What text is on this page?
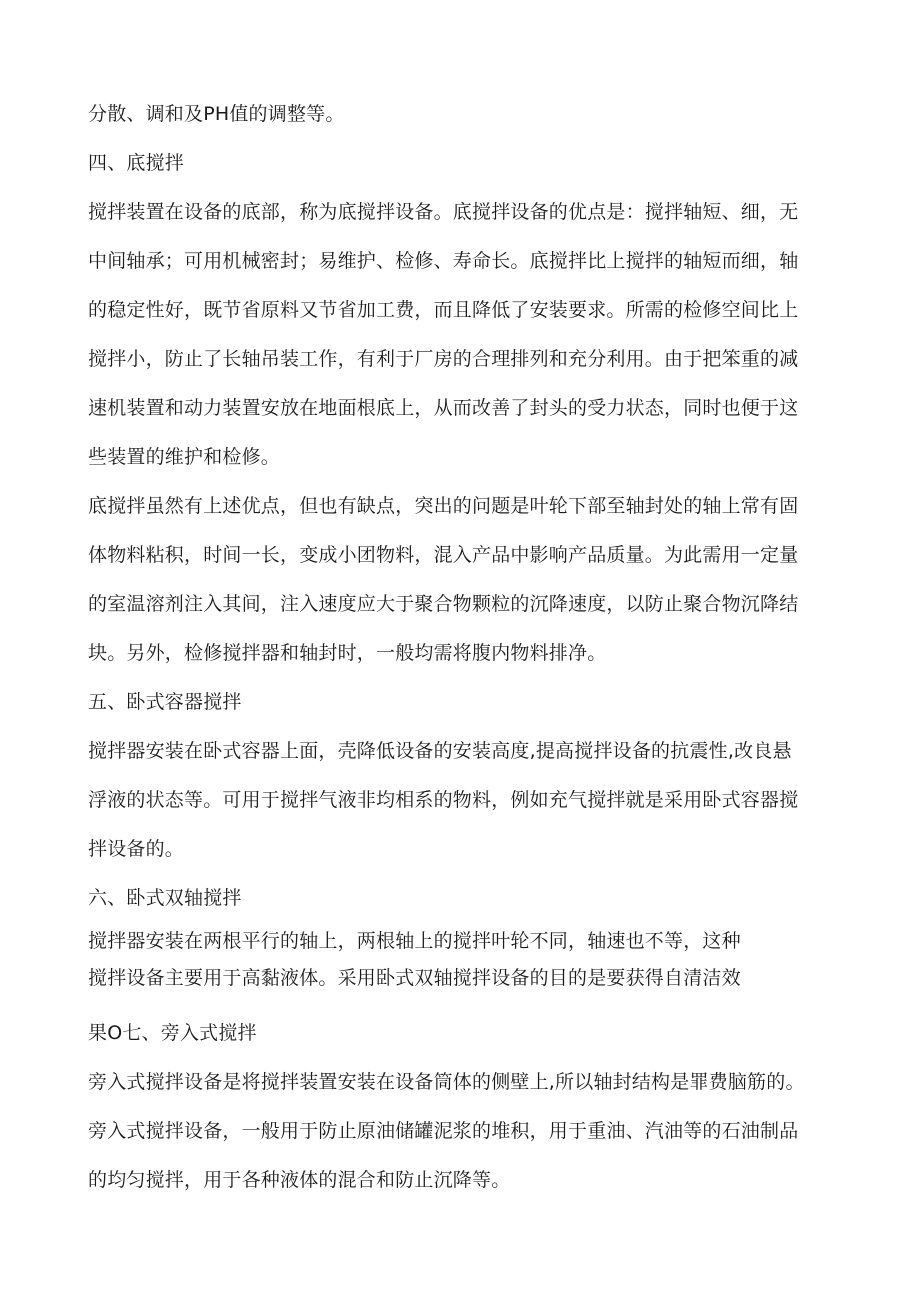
分散、调和及PH值的调整等。
四、底搅拌
搅拌装置在设备的底部，称为底搅拌设备。底搅拌设备的优点是：搅拌轴短、细，无
中间轴承；可用机械密封；易维护、检修、寿命长。底搅拌比上搅拌的轴短而细，轴
的稳定性好，既节省原料又节省加工费，而且降低了安装要求。所需的检修空间比上
搅拌小，防止了长轴吊装工作，有利于厂房的合理排列和充分利用。由于把笨重的减
速机装置和动力装置安放在地面根底上，从而改善了封头的受力状态，同时也便于这
些装置的维护和检修。
底搅拌虽然有上述优点，但也有缺点，突出的问题是叶轮下部至轴封处的轴上常有固
体物料粘积，时间一长，变成小团物料，混入产品中影响产品质量。为此需用一定量
的室温溶剂注入其间，注入速度应大于聚合物颗粒的沉降速度，以防止聚合物沉降结
块。另外，检修搅拌器和轴封时，一般均需将腹内物料排净。
五、卧式容器搅拌
搅拌器安装在卧式容器上面，壳降低设备的安装高度,提高搅拌设备的抗震性,改良悬
浮液的状态等。可用于搅拌气液非均相系的物料，例如充气搅拌就是采用卧式容器搅
拌设备的。
六、卧式双轴搅拌
搅拌器安装在两根平行的轴上，两根轴上的搅拌叶轮不同，轴速也不等，这种
搅拌设备主要用于高黏液体。采用卧式双轴搅拌设备的目的是要获得自清洁效
果O七、旁入式搅拌
旁入式搅拌设备是将搅拌装置安装在设备筒体的侧壁上,所以轴封结构是罪费脑筋的。
旁入式搅拌设备，一般用于防止原油储罐泥浆的堆积，用于重油、汽油等的石油制品
的均匀搅拌，用于各种液体的混合和防止沉降等。
